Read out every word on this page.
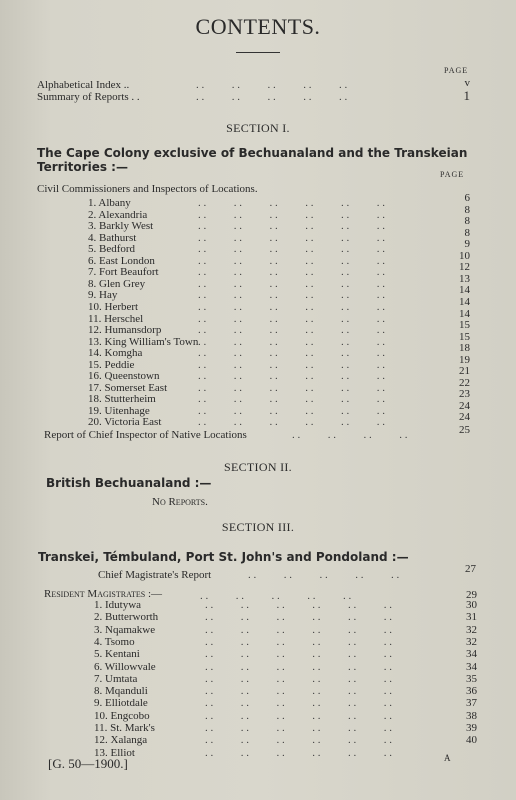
CONTENTS.
PAGE
Alphabetical Index ..	. .          . .          . .          . .          . .	v
Summary of Reports . .	. .          . .          . .          . .          . .	1
SECTION I.
The Cape Colony exclusive of Bechuanaland and the Transkeian
Territories :—
PAGE
Civil Commissioners and Inspectors of Locations.
1. Albany	. .          . .          . .          . .          . .          . .	6
2. Alexandria	. .          . .          . .          . .          . .          . .	8
3. Barkly West	. .          . .          . .          . .          . .          . .	8
4. Bathurst	. .          . .          . .          . .          . .          . .	8
5. Bedford	. .          . .          . .          . .          . .          . .	9
6. East London	. .          . .          . .          . .          . .          . .	10
7. Fort Beaufort	. .          . .          . .          . .          . .          . .	12
8. Glen Grey	. .          . .          . .          . .          . .          . .	13
9. Hay	. .          . .          . .          . .          . .          . .	14
10. Herbert	. .          . .          . .          . .          . .          . .	14
11. Herschel	. .          . .          . .          . .          . .          . .	14
12. Humansdorp	. .          . .          . .          . .          . .          . .	15
13. King William's Town . .          . .          . .          . .          . .          . .	15
14. Komgha	. .          . .          . .          . .          . .          . .	18
15. Peddie	. .          . .          . .          . .          . .          . .	19
16. Queenstown	. .          . .          . .          . .          . .          . .	21
17. Somerset East	. .          . .          . .          . .          . .          . .	22
18. Stutterheim	. .          . .          . .          . .          . .          . .	23
19. Uitenhage	. .          . .          . .          . .          . .          . .	24
20. Victoria East	. .          . .          . .          . .          . .          . .	24
Report of Chief Inspector of Native Locations	. .          . .          . .          . .	25
SECTION II.
British Bechuanaland :—
No Reports.
SECTION III.
Transkei, Témbuland, Port St. John's and Pondoland :—
Chief Magistrate's Report	. .          . .          . .          . .          . .	27
Resident Magistrates :—	. .          . .          . .          . .          . .	29
1. Idutywa	. .          . .          . .          . .          . .          . .	30
2. Butterworth	. .          . .          . .          . .          . .          . .	31
3. Nqamakwe	. .          . .          . .          . .          . .          . .	32
4. Tsomo	. .          . .          . .          . .          . .          . .	32
5. Kentani	. .          . .          . .          . .          . .          . .	34
6. Willowvale	. .          . .          . .          . .          . .          . .	34
7. Umtata	. .          . .          . .          . .          . .          . .	35
8. Mqanduli	. .          . .          . .          . .          . .          . .	36
9. Elliotdale	. .          . .          . .          . .          . .          . .	37
10. Engcobo	. .          . .          . .          . .          . .          . .	38
11. St. Mark's	. .          . .          . .          . .          . .          . .	39
12. Xalanga	. .          . .          . .          . .          . .          . .	40
13. Elliot	. .          . .          . .          . .          . .          . .
[G. 50—1900.]	A
